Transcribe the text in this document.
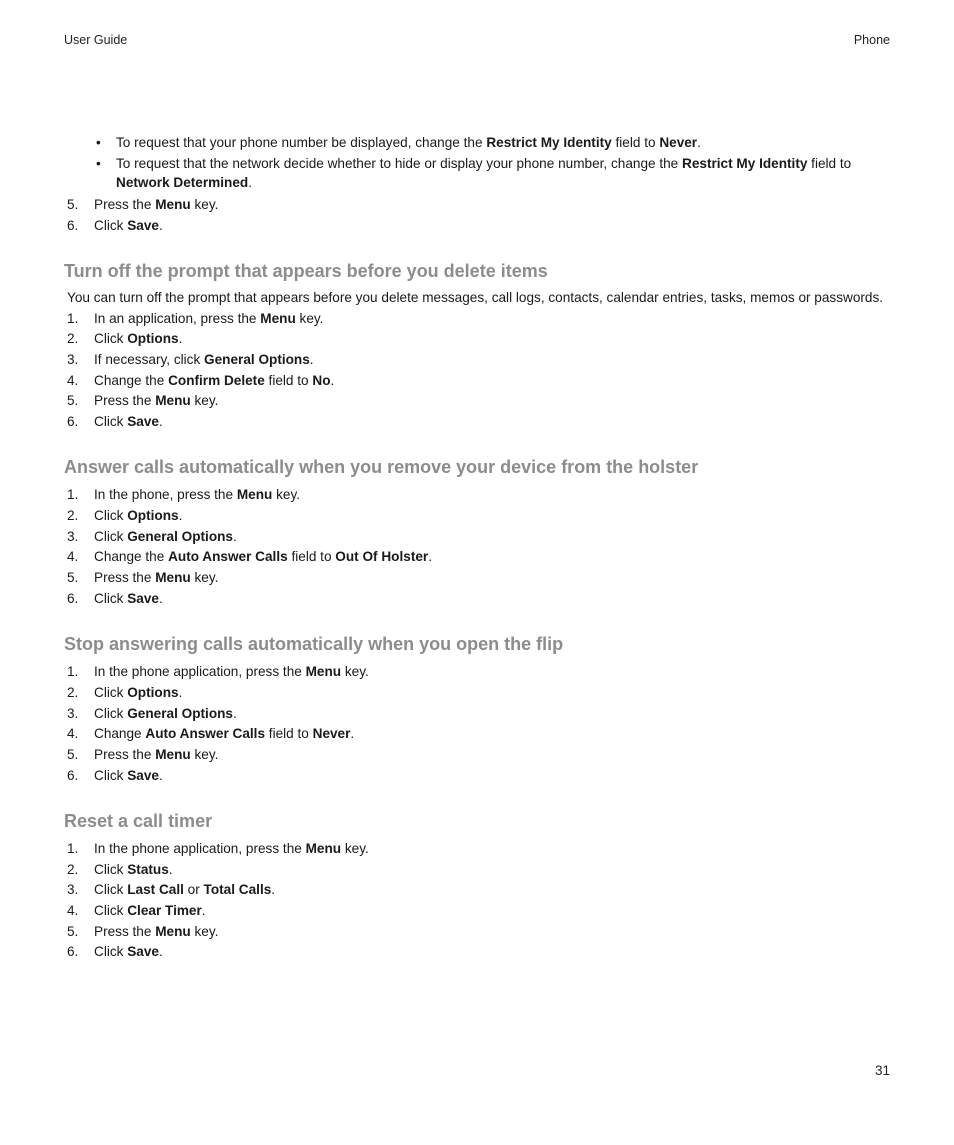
User Guide	Phone
31
• To request that your phone number be displayed, change the Restrict My Identity field to Never.
• To request that the network decide whether to hide or display your phone number, change the Restrict My Identity field to
Network Determined.
5. Press the Menu key.
6. Click Save.
Turn off the prompt that appears before you delete items
You can turn off the prompt that appears before you delete messages, call logs, contacts, calendar entries, tasks, memos or passwords.
1. In an application, press the Menu key.
2. Click Options.
3. If necessary, click General Options.
4. Change the Confirm Delete field to No.
5. Press the Menu key.
6. Click Save.
Answer calls automatically when you remove your device from the holster
1. In the phone, press the Menu key.
2. Click Options.
3. Click General Options.
4. Change the Auto Answer Calls field to Out Of Holster.
5. Press the Menu key.
6. Click Save.
Stop answering calls automatically when you open the flip
1. In the phone application, press the Menu key.
2. Click Options.
3. Click General Options.
4. Change Auto Answer Calls field to Never.
5. Press the Menu key.
6. Click Save.
Reset a call timer
1. In the phone application, press the Menu key.
2. Click Status.
3. Click Last Call or Total Calls.
4. Click Clear Timer.
5. Press the Menu key.
6. Click Save.
